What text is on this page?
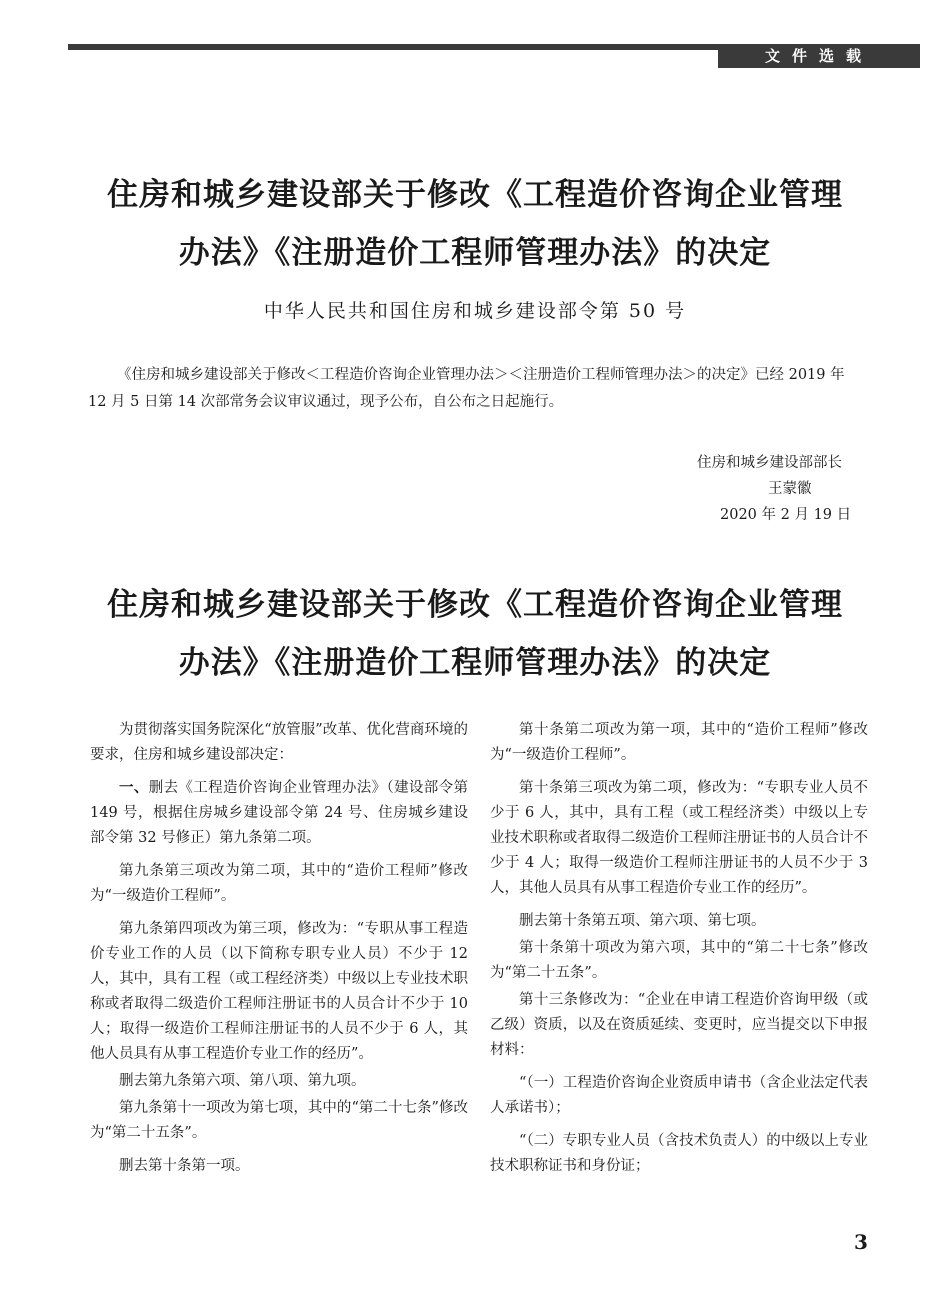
文件选载
住房和城乡建设部关于修改《工程造价咨询企业管理
办法》《注册造价工程师管理办法》的决定
中华人民共和国住房和城乡建设部令第 50 号

《住房和城乡建设部关于修改＜工程造价咨询企业管理办法＞＜注册造价工程师管理办法＞的决定》已经 2019 年 12 月 5 日第 14 次部常务会议审议通过，现予公布，自公布之日起施行。

住房和城乡建设部部长
王蒙徽
2020 年 2 月 19 日
住房和城乡建设部关于修改《工程造价咨询企业管理
办法》《注册造价工程师管理办法》的决定

为贯彻落实国务院深化“放管服”改革、优化营商环境的要求，住房和城乡建设部决定：

一、删去《工程造价咨询企业管理办法》（建设部令第 149 号，根据住房城乡建设部令第 24 号、住房城乡建设部令第 32 号修正）第九条第二项。

第九条第三项改为第二项，其中的“造价工程师”修改为“一级造价工程师”。

第九条第四项改为第三项，修改为：“专职从事工程造价专业工作的人员（以下简称专职专业人员）不少于 12 人，其中，具有工程（或工程经济类）中级以上专业技术职称或者取得二级造价工程师注册证书的人员合计不少于 10 人；取得一级造价工程师注册证书的人员不少于 6 人，其他人员具有从事工程造价专业工作的经历”。

删去第九条第六项、第八项、第九项。

第九条第十一项改为第七项，其中的“第二十七条”修改为“第二十五条”。

删去第十条第一项。

第十条第二项改为第一项，其中的“造价工程师”修改为“一级造价工程师”。

第十条第三项改为第二项，修改为：“专职专业人员不少于 6 人，其中，具有工程（或工程经济类）中级以上专业技术职称或者取得二级造价工程师注册证书的人员合计不少于 4 人；取得一级造价工程师注册证书的人员不少于 3 人，其他人员具有从事工程造价专业工作的经历”。

删去第十条第五项、第六项、第七项。

第十条第十项改为第六项，其中的“第二十七条”修改为“第二十五条”。

第十三条修改为：“企业在申请工程造价咨询甲级（或乙级）资质，以及在资质延续、变更时，应当提交以下申报材料：

“（一）工程造价咨询企业资质申请书（含企业法定代表人承诺书）；

“（二）专职专业人员（含技术负责人）的中级以上专业技术职称证书和身份证；

3
